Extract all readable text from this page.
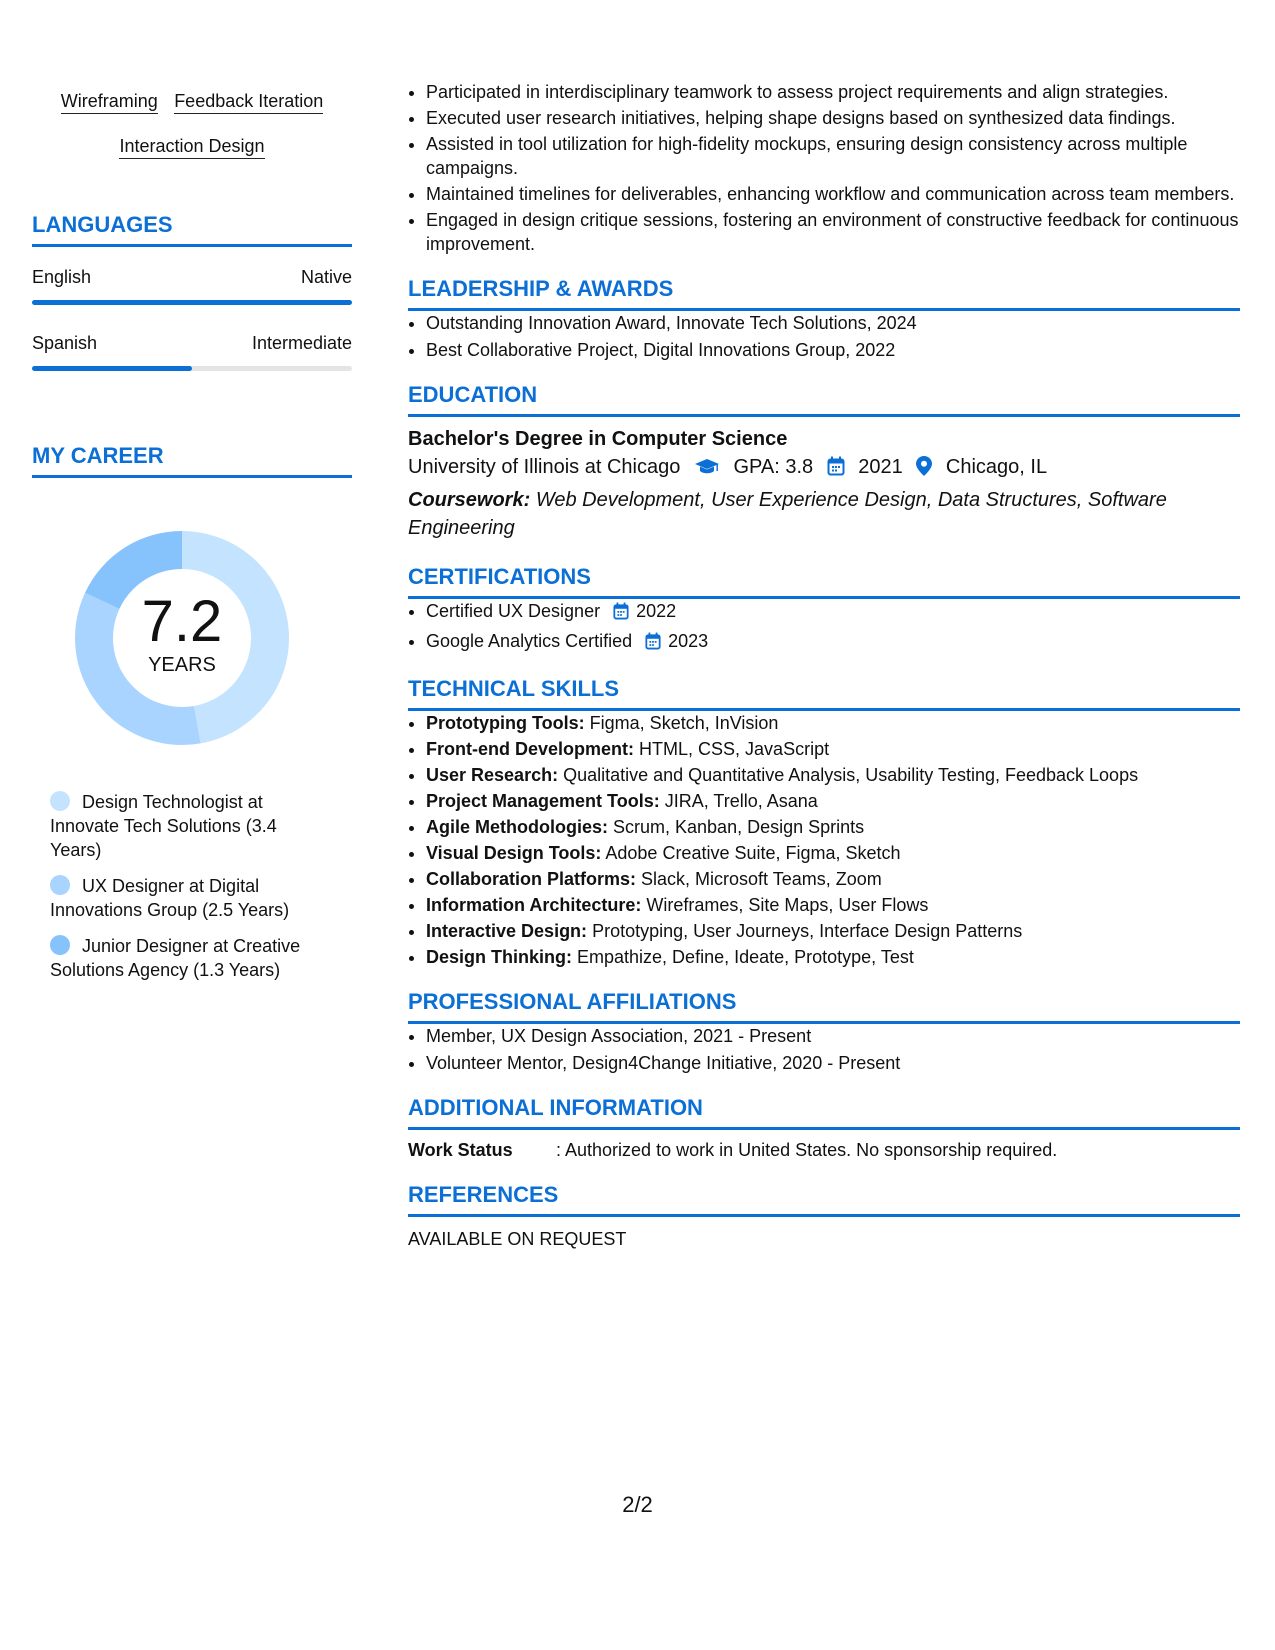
Wireframing Feedback Iteration
Interaction Design
LANGUAGES
English	Native
Spanish	Intermediate
MY CAREER
7.2
YEARS
Design Technologist at Innovate Tech Solutions (3.4 Years)
UX Designer at Digital Innovations Group (2.5 Years)
Junior Designer at Creative Solutions Agency (1.3 Years)
• Participated in interdisciplinary teamwork to assess project requirements and align strategies.
• Executed user research initiatives, helping shape designs based on synthesized data findings.
• Assisted in tool utilization for high-fidelity mockups, ensuring design consistency across multiple campaigns.
• Maintained timelines for deliverables, enhancing workflow and communication across team members.
• Engaged in design critique sessions, fostering an environment of constructive feedback for continuous improvement.
LEADERSHIP & AWARDS
• Outstanding Innovation Award, Innovate Tech Solutions, 2024
• Best Collaborative Project, Digital Innovations Group, 2022
EDUCATION
Bachelor's Degree in Computer Science
University of Illinois at Chicago	GPA: 3.8 2021 Chicago, IL
Coursework: Web Development, User Experience Design, Data Structures, Software Engineering
CERTIFICATIONS
• Certified UX Designer 2022
• Google Analytics Certified 2023
TECHNICAL SKILLS
• Prototyping Tools: Figma, Sketch, InVision
• Front-end Development: HTML, CSS, JavaScript
• User Research: Qualitative and Quantitative Analysis, Usability Testing, Feedback Loops
• Project Management Tools: JIRA, Trello, Asana
• Agile Methodologies: Scrum, Kanban, Design Sprints
• Visual Design Tools: Adobe Creative Suite, Figma, Sketch
• Collaboration Platforms: Slack, Microsoft Teams, Zoom
• Information Architecture: Wireframes, Site Maps, User Flows
• Interactive Design: Prototyping, User Journeys, Interface Design Patterns
• Design Thinking: Empathize, Define, Ideate, Prototype, Test
PROFESSIONAL AFFILIATIONS
• Member, UX Design Association, 2021 - Present
• Volunteer Mentor, Design4Change Initiative, 2020 - Present
ADDITIONAL INFORMATION
Work Status	: Authorized to work in United States. No sponsorship required.
REFERENCES
AVAILABLE ON REQUEST
2/2
